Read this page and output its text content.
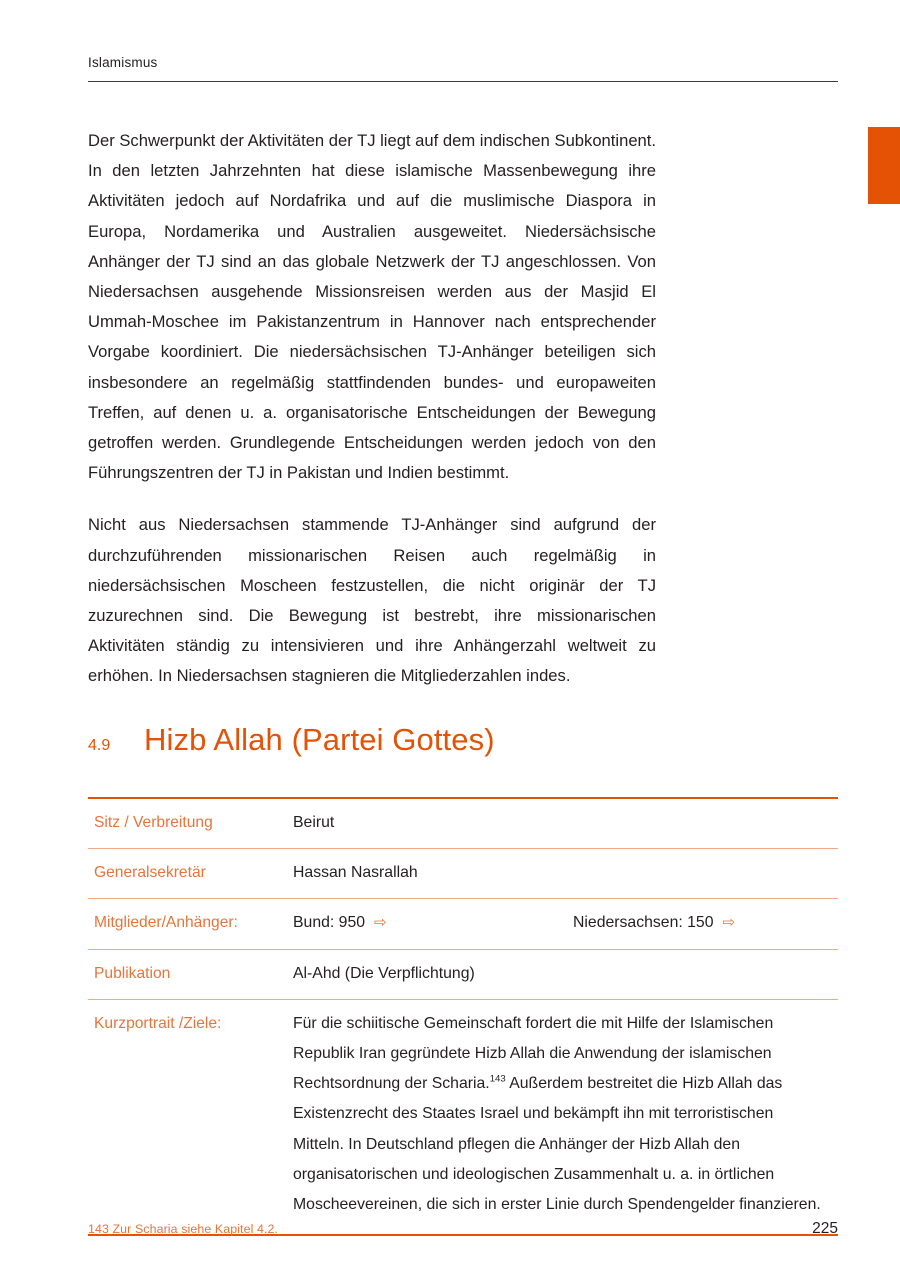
Islamismus

Der Schwerpunkt der Aktivitäten der TJ liegt auf dem indischen Subkontinent. In den letzten Jahrzehnten hat diese islamische Massenbewegung ihre Aktivitäten jedoch auf Nordafrika und auf die muslimische Diaspora in Europa, Nordamerika und Australien ausgeweitet. Niedersächsische Anhänger der TJ sind an das globale Netzwerk der TJ angeschlossen. Von Niedersachsen ausgehende Missionsreisen werden aus der Masjid El Ummah-Moschee im Pakistanzentrum in Hannover nach entsprechender Vorgabe koordiniert. Die niedersächsischen TJ-Anhänger beteiligen sich insbesondere an regelmäßig stattfindenden bundes- und europaweiten Treffen, auf denen u. a. organisatorische Entscheidungen der Bewegung getroffen werden. Grundlegende Entscheidungen werden jedoch von den Führungszentren der TJ in Pakistan und Indien bestimmt.

Nicht aus Niedersachsen stammende TJ-Anhänger sind aufgrund der durchzuführenden missionarischen Reisen auch regelmäßig in niedersächsischen Moscheen festzustellen, die nicht originär der TJ zuzurechnen sind. Die Bewegung ist bestrebt, ihre missionarischen Aktivitäten ständig zu intensivieren und ihre Anhängerzahl weltweit zu erhöhen. In Niedersachsen stagnieren die Mitgliederzahlen indes.

4.9	Hizb Allah (Partei Gottes)
Sitz / Verbreitung	Beirut
Generalsekretär	Hassan Nasrallah
Mitglieder/Anhänger:	Bund: 950 ⇨	Niedersachsen: 150 ⇨
Publikation	Al-Ahd (Die Verpflichtung)
Kurzportrait /Ziele:	Für die schiitische Gemeinschaft fordert die mit Hilfe der Islamischen Republik Iran gegründete Hizb Allah die Anwendung der islamischen Rechtsordnung der Scharia.$^{143}$ Außerdem bestreitet die Hizb Allah das Existenzrecht des Staates Israel und bekämpft ihn mit terroristischen Mitteln. In Deutschland pflegen die Anhänger der Hizb Allah den organisatorischen und ideologischen Zusammenhalt u. a. in örtlichen Moscheevereinen, die sich in erster Linie durch Spendengelder finanzieren.
143 Zur Scharia siehe Kapitel 4.2.	225
